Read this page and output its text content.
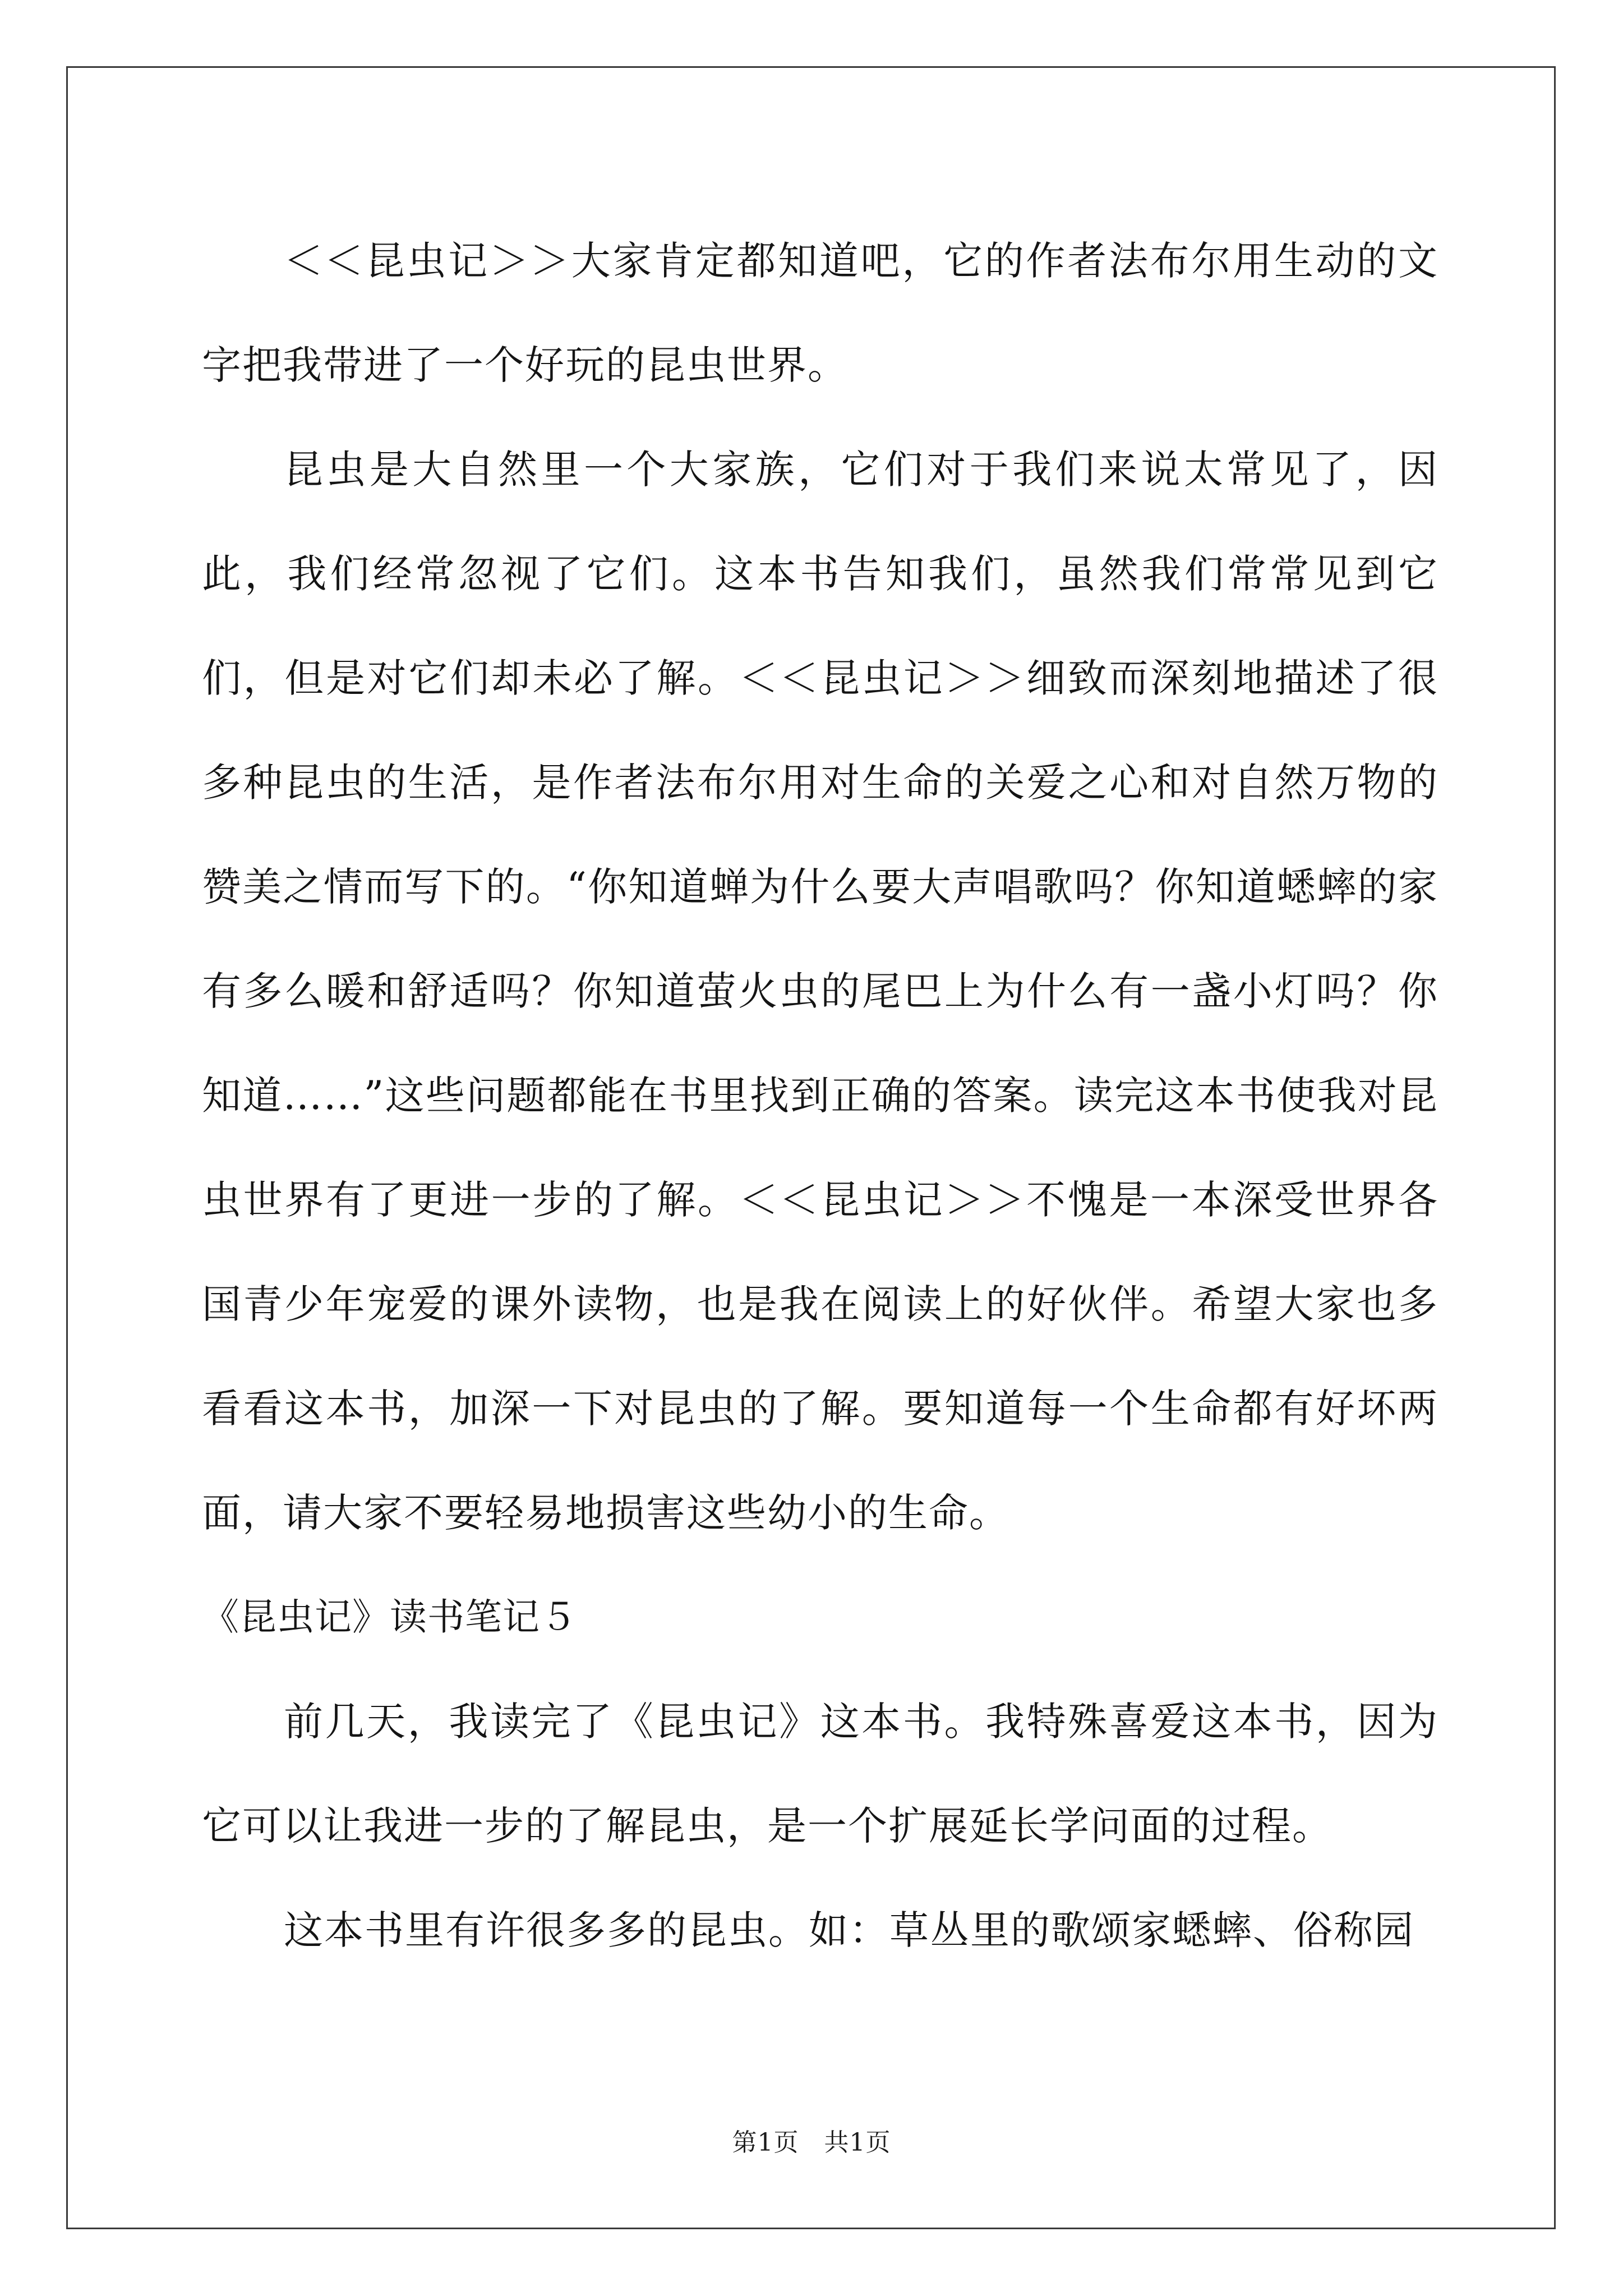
＜＜昆虫记＞＞大家肯定都知道吧，它的作者法布尔用生动的文字把我带进了一个好玩的昆虫世界。

昆虫是大自然里一个大家族，它们对于我们来说太常见了，因此，我们经常忽视了它们。这本书告知我们，虽然我们常常见到它们，但是对它们却未必了解。＜＜昆虫记＞＞细致而深刻地描述了很多种昆虫的生活，是作者法布尔用对生命的关爱之心和对自然万物的赞美之情而写下的。“你知道蝉为什么要大声唱歌吗？你知道蟋蟀的家有多么暖和舒适吗？你知道萤火虫的尾巴上为什么有一盏小灯吗？你知道……”这些问题都能在书里找到正确的答案。读完这本书使我对昆虫世界有了更进一步的了解。＜＜昆虫记＞＞不愧是一本深受世界各国青少年宠爱的课外读物，也是我在阅读上的好伙伴。希望大家也多看看这本书，加深一下对昆虫的了解。要知道每一个生命都有好坏两面，请大家不要轻易地损害这些幼小的生命。

《昆虫记》读书笔记５

前几天，我读完了《昆虫记》这本书。我特殊喜爱这本书，因为它可以让我进一步的了解昆虫，是一个扩展延长学问面的过程。

这本书里有许很多多的昆虫。如：草丛里的歌颂家蟋蟀、俗称园

第1页　共1页
